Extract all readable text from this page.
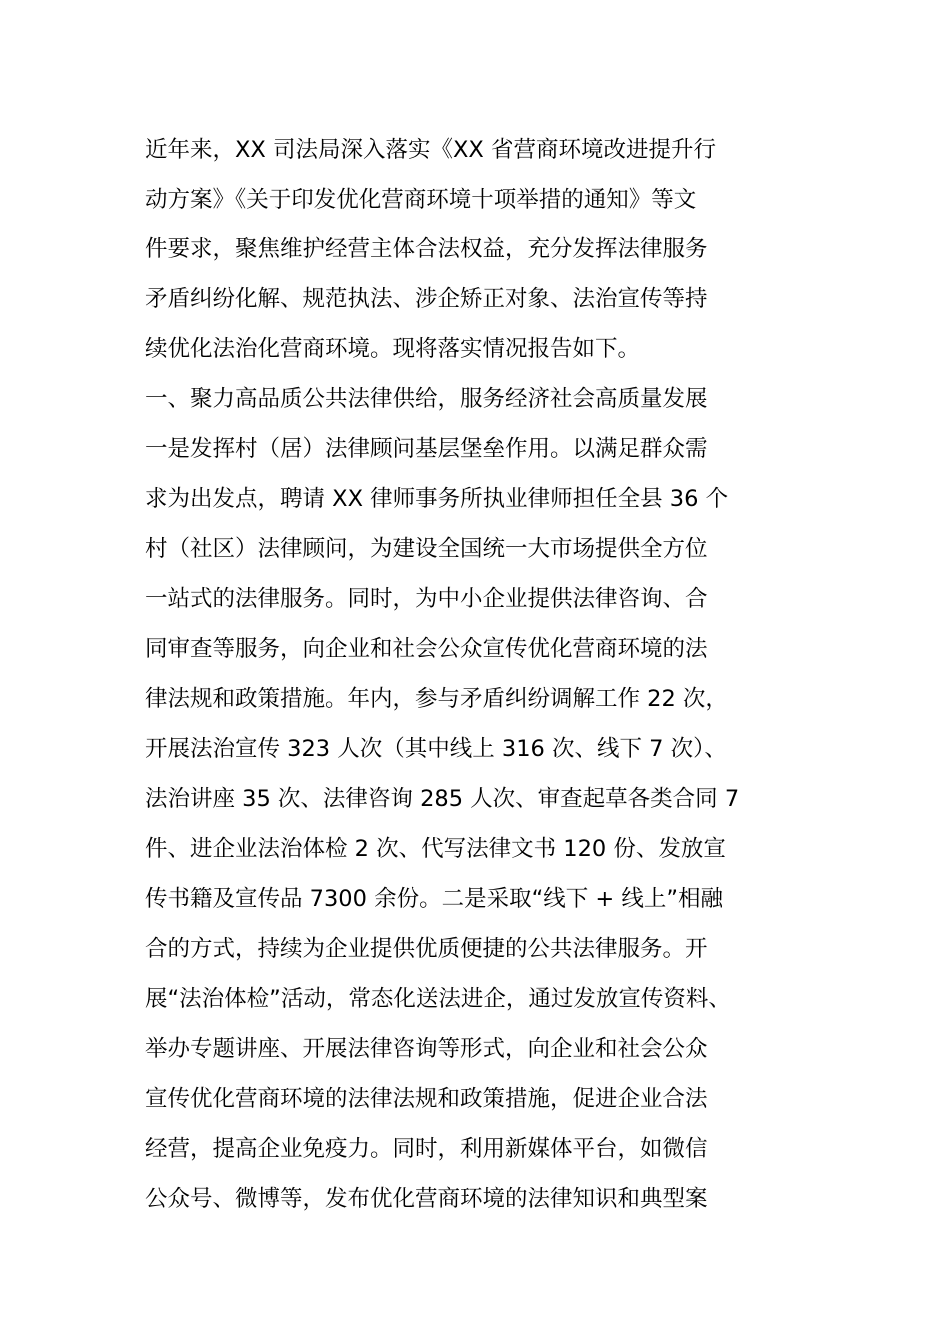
近年来，XX 司法局深入落实《XX 省营商环境改进提升行

动方案》《关于印发优化营商环境十项举措的通知》等文

件要求，聚焦维护经营主体合法权益，充分发挥法律服务

矛盾纠纷化解、规范执法、涉企矫正对象、法治宣传等持

续优化法治化营商环境。现将落实情况报告如下。

一、聚力高品质公共法律供给，服务经济社会高质量发展

一是发挥村（居）法律顾问基层堡垒作用。以满足群众需

求为出发点，聘请 XX 律师事务所执业律师担任全县 36 个

村（社区）法律顾问，为建设全国统一大市场提供全方位

一站式的法律服务。同时，为中小企业提供法律咨询、合

同审查等服务，向企业和社会公众宣传优化营商环境的法

律法规和政策措施。年内，参与矛盾纠纷调解工作 22 次，

开展法治宣传 323 人次（其中线上 316 次、线下 7 次）、

法治讲座 35 次、法律咨询 285 人次、审查起草各类合同 7

件、进企业法治体检 2 次、代写法律文书 120 份、发放宣

传书籍及宣传品 7300 余份。二是采取“线下 + 线上”相融

合的方式，持续为企业提供优质便捷的公共法律服务。开

展“法治体检”活动，常态化送法进企，通过发放宣传资料、

举办专题讲座、开展法律咨询等形式，向企业和社会公众

宣传优化营商环境的法律法规和政策措施，促进企业合法

经营，提高企业免疫力。同时，利用新媒体平台，如微信

公众号、微博等，发布优化营商环境的法律知识和典型案
